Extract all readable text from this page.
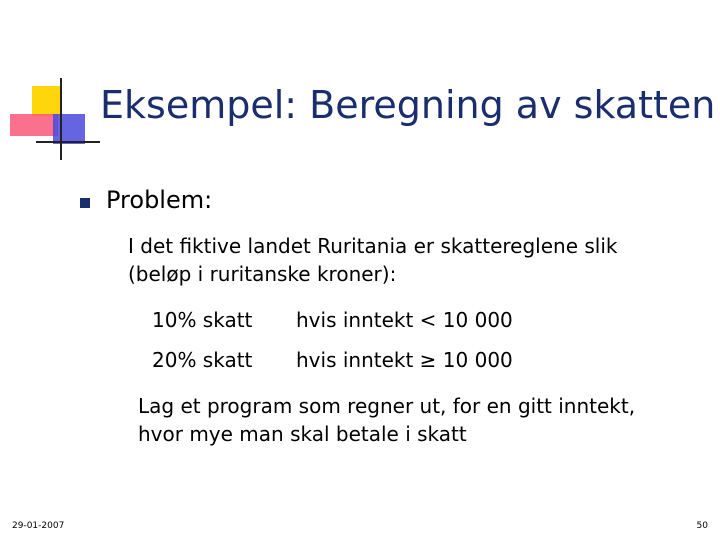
Eksempel: Beregning av skatten
Problem:
I det fiktive landet Ruritania er skattereglene slik
(beløp i ruritanske kroner):
10% skatt hvis inntekt < 10 000
20% skatt hvis inntekt ≥ 10 000
Lag et program som regner ut, for en gitt inntekt,
hvor mye man skal betale i skatt
29-01-2007	50
